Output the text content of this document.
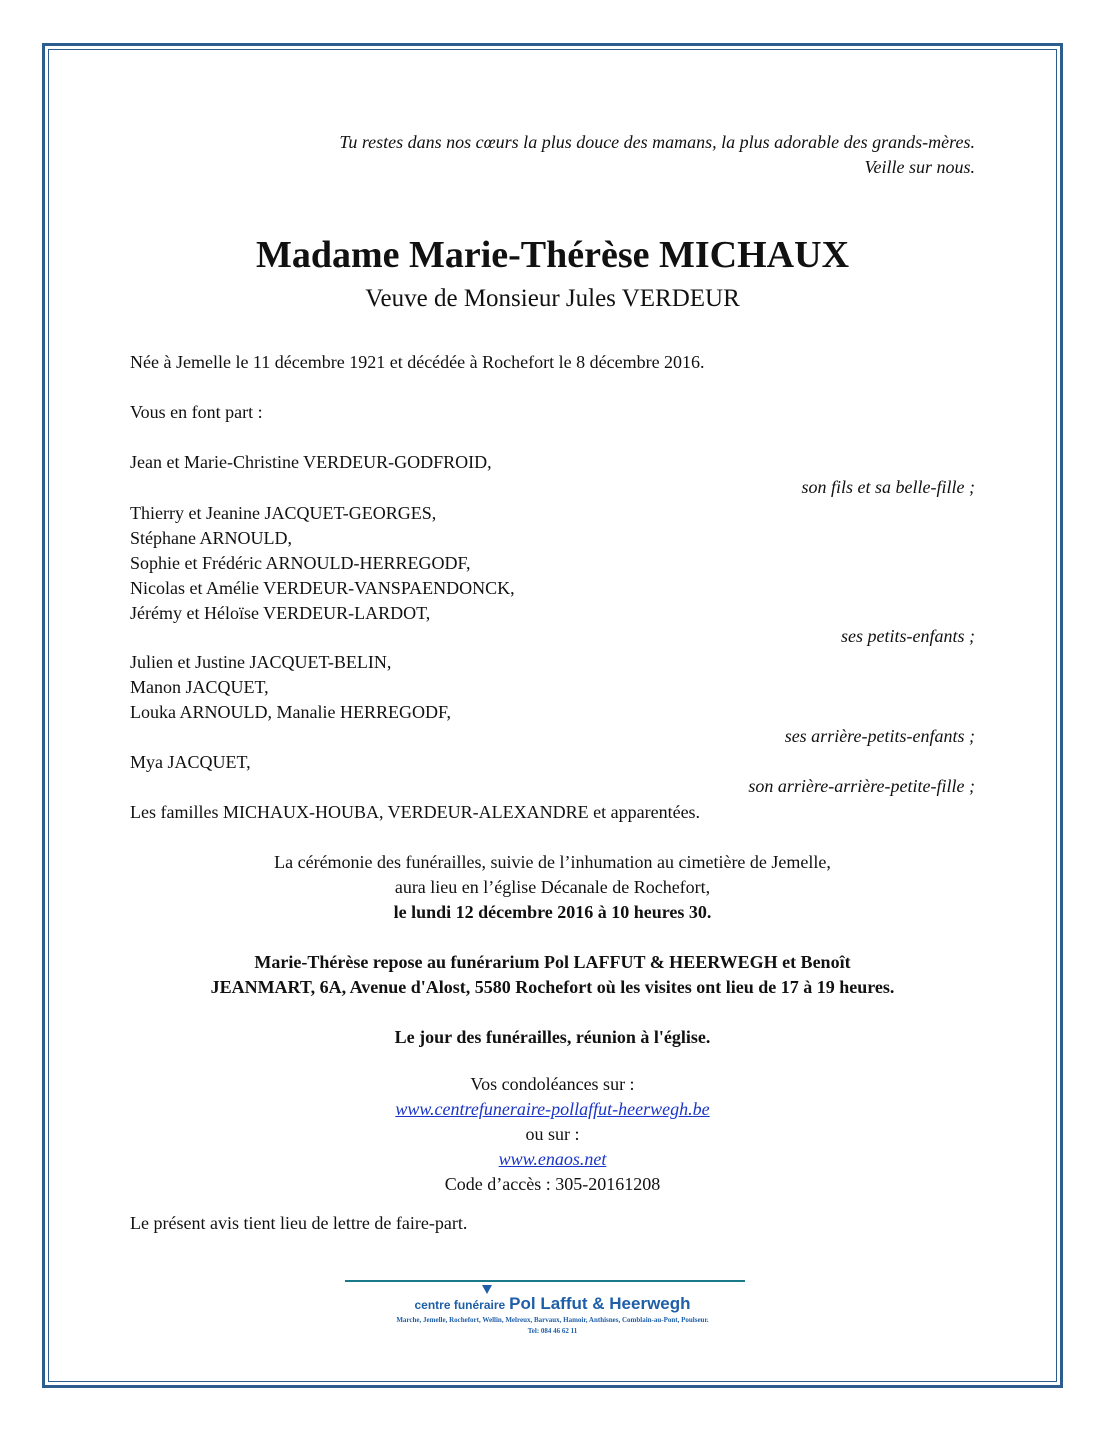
Tu restes dans nos cœurs la plus douce des mamans, la plus adorable des grands-mères.
Veille sur nous.
Madame Marie-Thérèse MICHAUX
Veuve de Monsieur Jules VERDEUR
Née à Jemelle le 11 décembre 1921 et décédée à Rochefort le 8 décembre 2016.
Vous en font part :
Jean et Marie-Christine VERDEUR-GODFROID,
son fils et sa belle-fille ;
Thierry et Jeanine JACQUET-GEORGES,
Stéphane ARNOULD,
Sophie et Frédéric ARNOULD-HERREGODF,
Nicolas et Amélie VERDEUR-VANSPAENDONCK,
Jérémy et Héloïse VERDEUR-LARDOT,
ses petits-enfants ;
Julien et Justine JACQUET-BELIN,
Manon JACQUET,
Louka ARNOULD, Manalie HERREGODF,
ses arrière-petits-enfants ;
Mya JACQUET,
son arrière-arrière-petite-fille ;
Les familles MICHAUX-HOUBA, VERDEUR-ALEXANDRE et apparentées.
La cérémonie des funérailles, suivie de l’inhumation au cimetière de Jemelle,
aura lieu en l’église Décanale de Rochefort,
le lundi 12 décembre 2016 à 10 heures 30.
Marie-Thérèse repose au funérarium Pol LAFFUT & HEERWEGH et Benoît
JEANMART, 6A, Avenue d'Alost, 5580 Rochefort où les visites ont lieu de 17 à 19 heures.
Le jour des funérailles, réunion à l'église.
Vos condoléances sur :
www.centrefuneraire-pollaffut-heerwegh.be
ou sur :
www.enaos.net
Code d’accès : 305-20161208
Le présent avis tient lieu de lettre de faire-part.
centre funéraire Pol Laffut & Heerwegh
Marche, Jemelle, Rochefort, Wellin, Melreux, Barvaux, Hamoir, Anthisnes, Comblain-au-Pont, Poulseur.
Tel: 084 46 62 11
